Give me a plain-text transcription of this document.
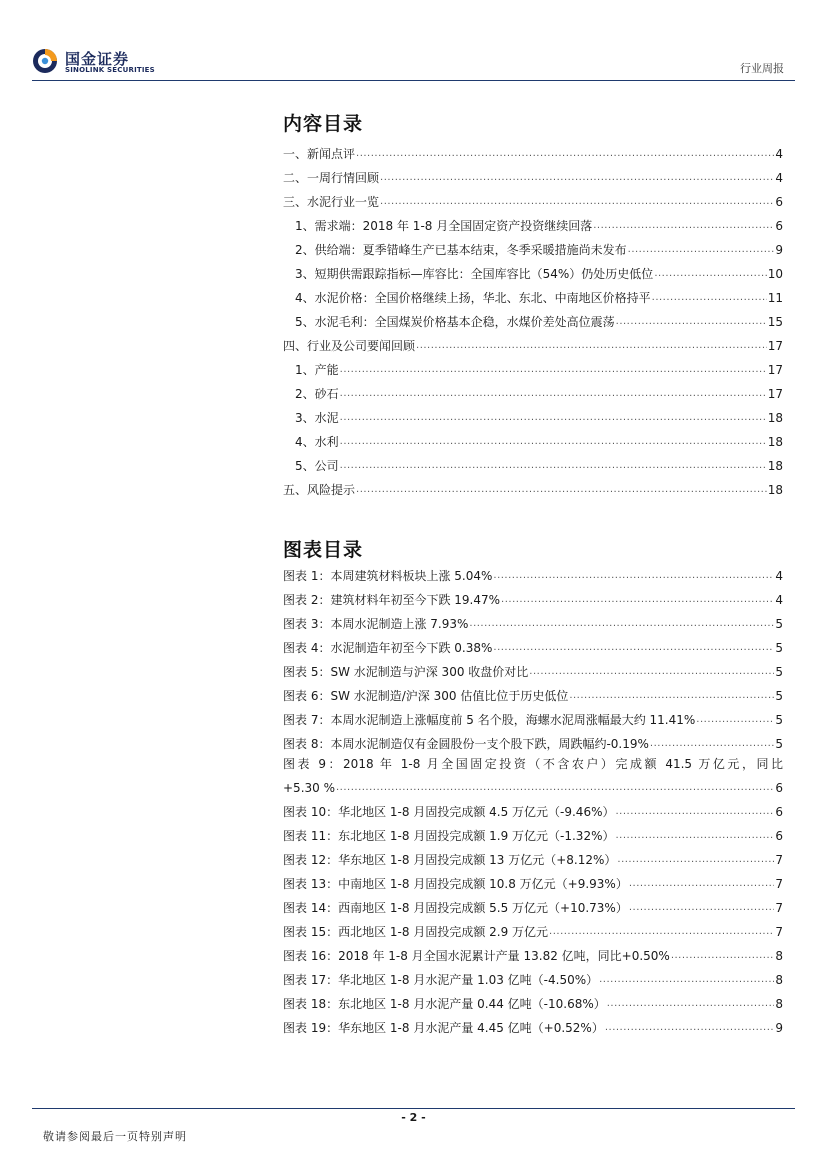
国金证券
SINOLINK SECURITIES	行业周报
内容目录
一、新闻点评 .....	4
二、一周行情回顾 .....	4
三、水泥行业一览 .....	6
1、需求端：2018 年 1-8 月全国固定资产投资继续回落 .....	6
2、供给端：夏季错峰生产已基本结束，冬季采暖措施尚未发布 .....	9
3、短期供需跟踪指标—库容比：全国库容比（54%）仍处历史低位 .....	10
4、水泥价格：全国价格继续上扬，华北、东北、中南地区价格持平 .....	11
5、水泥毛利：全国煤炭价格基本企稳，水煤价差处高位震荡 .....	15
四、行业及公司要闻回顾 .....	17
1、产能 .....	17
2、砂石 .....	17
3、水泥 .....	18
4、水利 .....	18
5、公司 .....	18
五、风险提示 .....	18
图表目录
图表 1：本周建筑材料板块上涨 5.04% .....	4
图表 2：建筑材料年初至今下跌 19.47% .....	4
图表 3：本周水泥制造上涨 7.93% .....	5
图表 4：水泥制造年初至今下跌 0.38% .....	5
图表 5：SW 水泥制造与沪深 300 收盘价对比 .....	5
图表 6：SW 水泥制造/沪深 300 估值比位于历史低位 .....	5
图表 7：本周水泥制造上涨幅度前 5 名个股，海螺水泥周涨幅最大约 11.41% .....	5
图表 8：本周水泥制造仅有金圆股份一支个股下跌，周跌幅约-0.19% .....	5
图表 9：2018 年 1-8 月全国固定投资（不含农户）完成额 41.5 万亿元，同比
+5.30 % .....	6
图表 10：华北地区 1-8 月固投完成额 4.5 万亿元（-9.46%） .....	6
图表 11：东北地区 1-8 月固投完成额 1.9 万亿元（-1.32%） .....	6
图表 12：华东地区 1-8 月固投完成额 13 万亿元（+8.12%） .....	7
图表 13：中南地区 1-8 月固投完成额 10.8 万亿元（+9.93%） .....	7
图表 14：西南地区 1-8 月固投完成额 5.5 万亿元（+10.73%） .....	7
图表 15：西北地区 1-8 月固投完成额 2.9 万亿元 .....	7
图表 16：2018 年 1-8 月全国水泥累计产量 13.82 亿吨，同比+0.50% .....	8
图表 17：华北地区 1-8 月水泥产量 1.03 亿吨（-4.50%） .....	8
图表 18：东北地区 1-8 月水泥产量 0.44 亿吨（-10.68%） .....	8
图表 19：华东地区 1-8 月水泥产量 4.45 亿吨（+0.52%） .....	9
- 2 -
敬请参阅最后一页特别声明
